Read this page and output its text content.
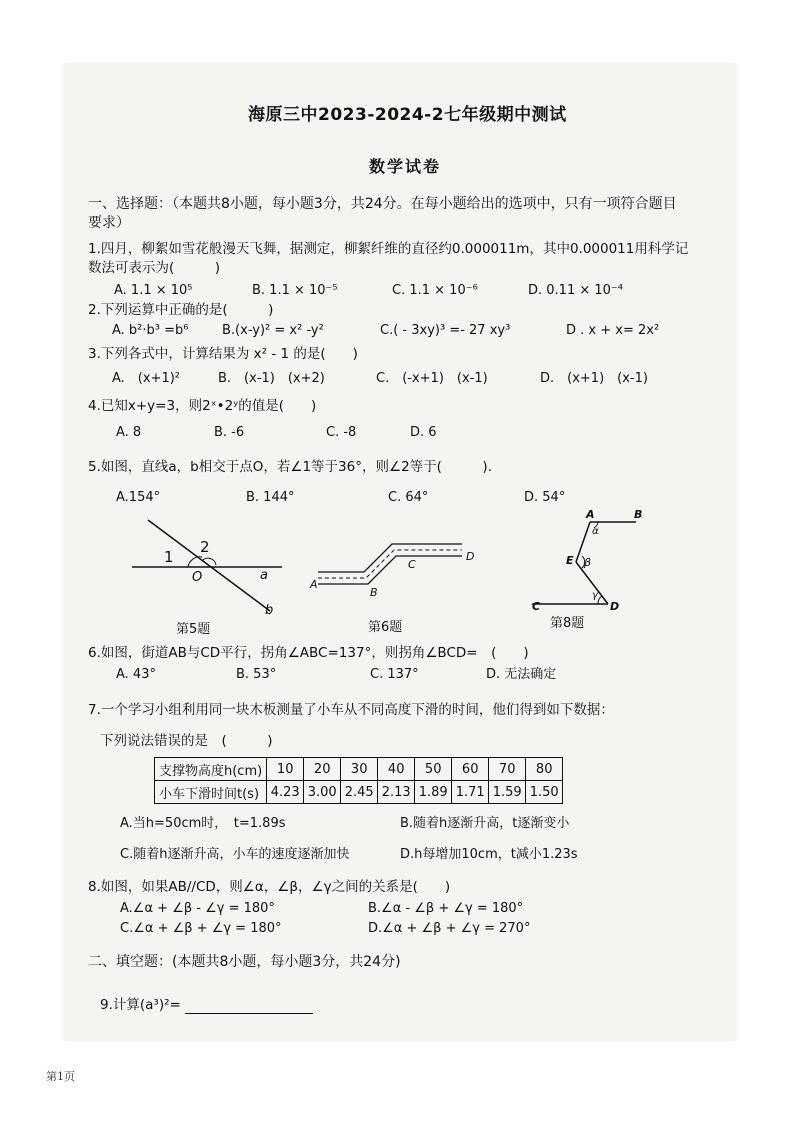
海原三中2023-2024-2七年级期中测试
数学试卷
一、选择题：（本题共8小题，每小题3分，共24分。在每小题给出的选项中，只有一项符合题目
要求）
1.四月，柳絮如雪花般漫天飞舞，据测定，柳絮纤维的直径约0.000011m，其中0.000011用科学记
数法可表示为(　　　)
A. 1.1 × 10⁵	B. 1.1 × 10⁻⁵	C. 1.1 × 10⁻⁶	D. 0.11 × 10⁻⁴
2.下列运算中正确的是(　　　)
A. b²·b³ =b⁶	B.(x-y)² = x² -y²	C.( - 3xy)³ =- 27 xy³	D . x + x= 2x²
3.下列各式中，计算结果为 x² - 1 的是(　　)
A.　(x+1)²	B.　(x-1)　(x+2)	C.　(-x+1)　(x-1)	D.　(x+1)　(x-1)
4.已知x+y=3，则2ˣ•2ʸ的值是(　　)
A. 8	B. -6	C. -8	D. 6
5.如图，直线a，b相交于点O，若∠1等于36°，则∠2等于(　　　).
A.154°	B. 144°	C. 64°	D. 54°
1
2
O	a
b
第5题
A
B
C
D
第6题
A	B
α
E β
C
γ
D
第8题
6.如图，街道AB与CD平行，拐角∠ABC=137°，则拐角∠BCD=　(　　)
A. 43°	B. 53°	C. 137°	D. 无法确定
7.一个学习小组利用同一块木板测量了小车从不同高度下滑的时间，他们得到如下数据：
下列说法错误的是　(　　　)
支撑物高度h(cm)	10	20	30	40	50	60	70	80
小车下滑时间t(s)	4.23	3.00	2.45	2.13	1.89	1.71	1.59	1.50
A.当h=50cm时，　t=1.89s	B.随着h逐渐升高，t逐渐变小
C.随着h逐渐升高，小车的速度逐渐加快	D.h每增加10cm，t减小1.23s
8.如图，如果AB//CD，则∠α，∠β，∠γ之间的关系是(　　)
A.∠α + ∠β - ∠γ = 180°	B.∠α - ∠β + ∠γ = 180°
C.∠α + ∠β + ∠γ = 180°	D.∠α + ∠β + ∠γ = 270°
二、填空题：(本题共8小题，每小题3分，共24分)
9.计算(a³)²=
第1页
